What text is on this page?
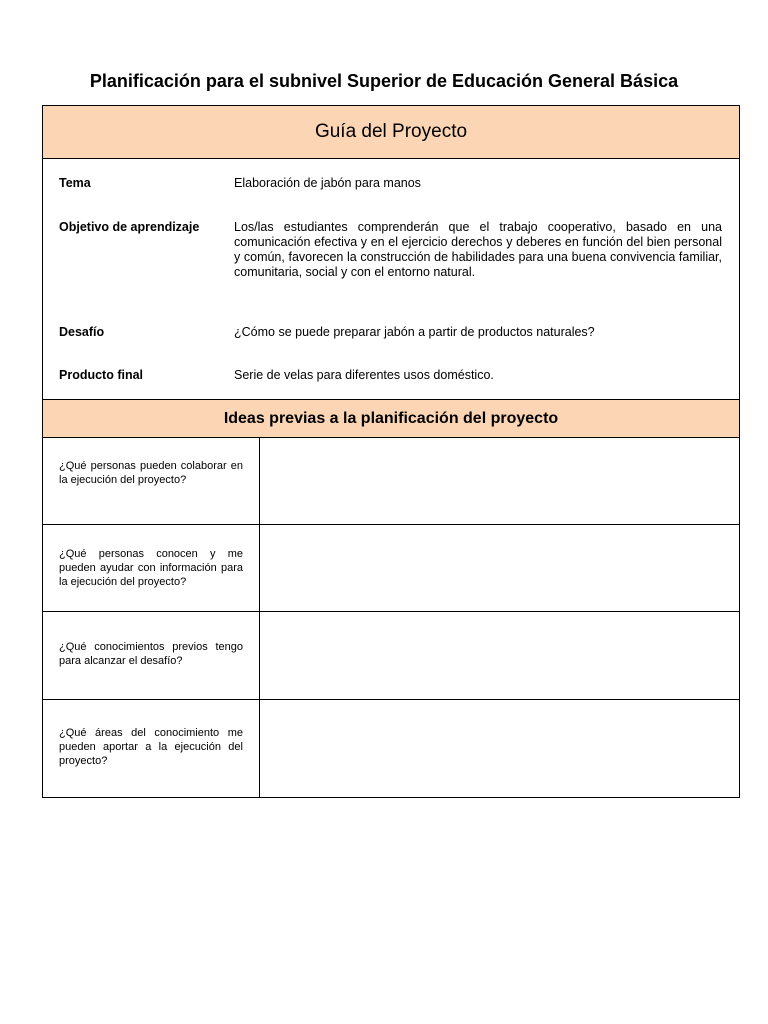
Planificación para el subnivel Superior de Educación General Básica
Guía del Proyecto
Tema	Elaboración de jabón para manos
Objetivo de aprendizaje	Los/las estudiantes comprenderán que el trabajo cooperativo, basado en una comunicación efectiva y en el ejercicio derechos y deberes en función del bien personal y común, favorecen la construcción de habilidades para una buena convivencia familiar, comunitaria, social y con el entorno natural.
Desafío	¿Cómo se puede preparar jabón a partir de productos naturales?
Producto final	Serie de velas para diferentes usos doméstico.
Ideas previas a la planificación del proyecto
¿Qué personas pueden colaborar en la ejecución del proyecto?
¿Qué personas conocen y me pueden ayudar con información para la ejecución del proyecto?
¿Qué conocimientos previos tengo para alcanzar el desafío?
¿Qué áreas del conocimiento me pueden aportar a la ejecución del proyecto?
